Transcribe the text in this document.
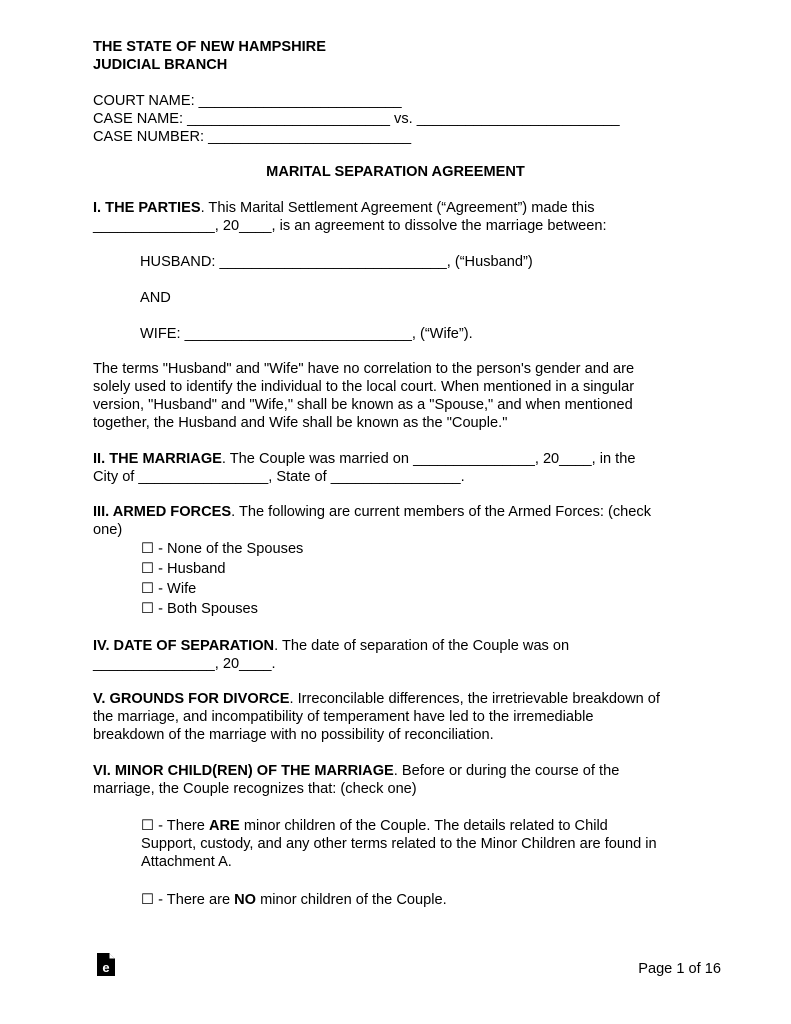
THE STATE OF NEW HAMPSHIRE
JUDICIAL BRANCH
COURT NAME: _________________________
CASE NAME: _________________________ vs. _________________________
CASE NUMBER: _________________________
MARITAL SEPARATION AGREEMENT
I. THE PARTIES. This Marital Settlement Agreement (“Agreement”) made this
_______________, 20____, is an agreement to dissolve the marriage between:
HUSBAND: ____________________________, (“Husband”)
AND
WIFE: ____________________________, (“Wife”).
The terms "Husband" and "Wife" have no correlation to the person's gender and are
solely used to identify the individual to the local court. When mentioned in a singular
version, "Husband" and "Wife," shall be known as a "Spouse," and when mentioned
together, the Husband and Wife shall be known as the "Couple."
II. THE MARRIAGE. The Couple was married on _______________, 20____, in the
City of ________________, State of ________________.
III. ARMED FORCES. The following are current members of the Armed Forces: (check
one)
☐ - None of the Spouses
☐ - Husband
☐ - Wife
☐ - Both Spouses
IV. DATE OF SEPARATION. The date of separation of the Couple was on
_______________, 20____.
V. GROUNDS FOR DIVORCE. Irreconcilable differences, the irretrievable breakdown of
the marriage, and incompatibility of temperament have led to the irremediable
breakdown of the marriage with no possibility of reconciliation.
VI. MINOR CHILD(REN) OF THE MARRIAGE. Before or during the course of the
marriage, the Couple recognizes that: (check one)
☐ - There ARE minor children of the Couple. The details related to Child
Support, custody, and any other terms related to the Minor Children are found in
Attachment A.
☐ - There are NO minor children of the Couple.
e	Page 1 of 16
